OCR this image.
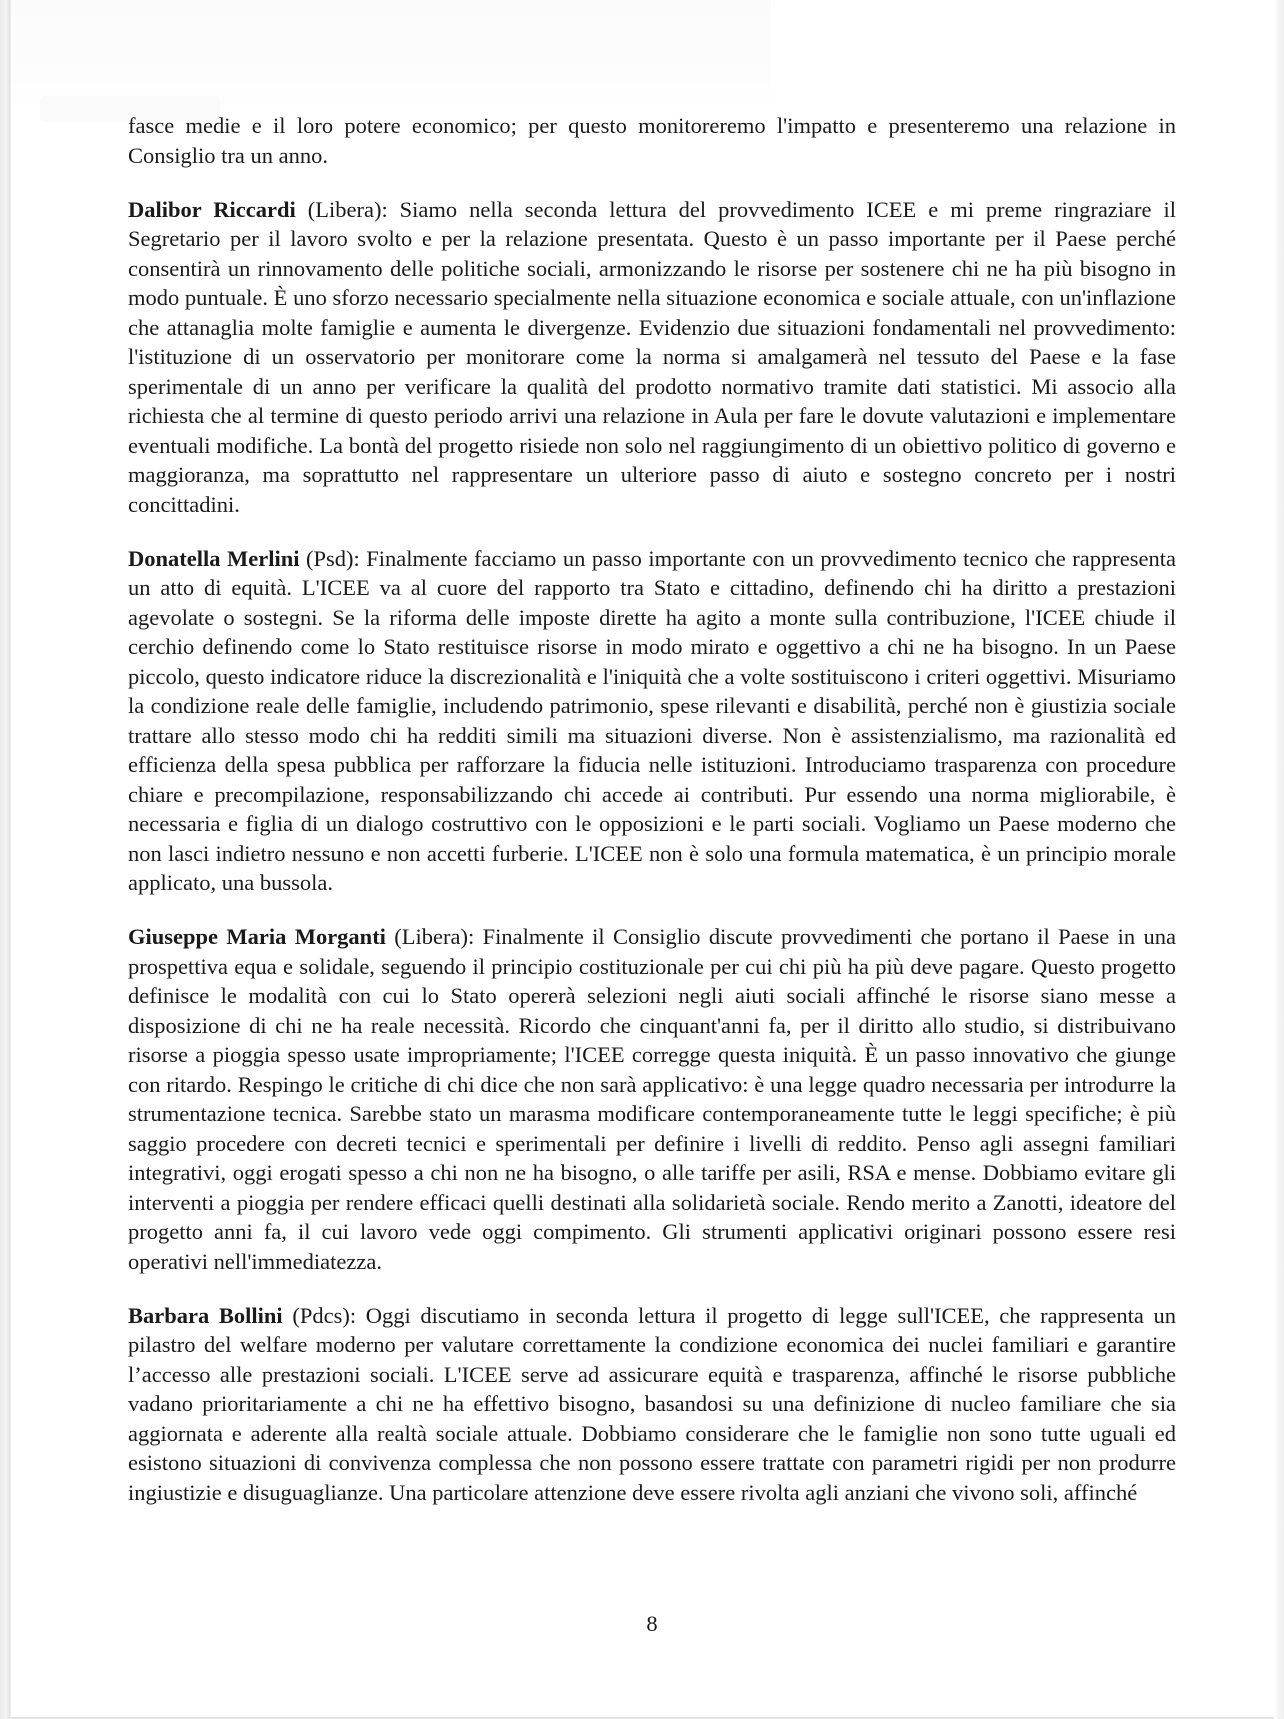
fasce medie e il loro potere economico; per questo monitoreremo l'impatto e presenteremo una relazione in Consiglio tra un anno.

Dalibor Riccardi (Libera): Siamo nella seconda lettura del provvedimento ICEE e mi preme ringraziare il Segretario per il lavoro svolto e per la relazione presentata. Questo è un passo importante per il Paese perché consentirà un rinnovamento delle politiche sociali, armonizzando le risorse per sostenere chi ne ha più bisogno in modo puntuale. È uno sforzo necessario specialmente nella situazione economica e sociale attuale, con un'inflazione che attanaglia molte famiglie e aumenta le divergenze. Evidenzio due situazioni fondamentali nel provvedimento: l'istituzione di un osservatorio per monitorare come la norma si amalgamerà nel tessuto del Paese e la fase sperimentale di un anno per verificare la qualità del prodotto normativo tramite dati statistici. Mi associo alla richiesta che al termine di questo periodo arrivi una relazione in Aula per fare le dovute valutazioni e implementare eventuali modifiche. La bontà del progetto risiede non solo nel raggiungimento di un obiettivo politico di governo e maggioranza, ma soprattutto nel rappresentare un ulteriore passo di aiuto e sostegno concreto per i nostri concittadini.

Donatella Merlini (Psd): Finalmente facciamo un passo importante con un provvedimento tecnico che rappresenta un atto di equità. L'ICEE va al cuore del rapporto tra Stato e cittadino, definendo chi ha diritto a prestazioni agevolate o sostegni. Se la riforma delle imposte dirette ha agito a monte sulla contribuzione, l'ICEE chiude il cerchio definendo come lo Stato restituisce risorse in modo mirato e oggettivo a chi ne ha bisogno. In un Paese piccolo, questo indicatore riduce la discrezionalità e l'iniquità che a volte sostituiscono i criteri oggettivi. Misuriamo la condizione reale delle famiglie, includendo patrimonio, spese rilevanti e disabilità, perché non è giustizia sociale trattare allo stesso modo chi ha redditi simili ma situazioni diverse. Non è assistenzialismo, ma razionalità ed efficienza della spesa pubblica per rafforzare la fiducia nelle istituzioni. Introduciamo trasparenza con procedure chiare e precompilazione, responsabilizzando chi accede ai contributi. Pur essendo una norma migliorabile, è necessaria e figlia di un dialogo costruttivo con le opposizioni e le parti sociali. Vogliamo un Paese moderno che non lasci indietro nessuno e non accetti furberie. L'ICEE non è solo una formula matematica, è un principio morale applicato, una bussola.

Giuseppe Maria Morganti (Libera): Finalmente il Consiglio discute provvedimenti che portano il Paese in una prospettiva equa e solidale, seguendo il principio costituzionale per cui chi più ha più deve pagare. Questo progetto definisce le modalità con cui lo Stato opererà selezioni negli aiuti sociali affinché le risorse siano messe a disposizione di chi ne ha reale necessità. Ricordo che cinquant'anni fa, per il diritto allo studio, si distribuivano risorse a pioggia spesso usate impropriamente; l'ICEE corregge questa iniquità. È un passo innovativo che giunge con ritardo. Respingo le critiche di chi dice che non sarà applicativo: è una legge quadro necessaria per introdurre la strumentazione tecnica. Sarebbe stato un marasma modificare contemporaneamente tutte le leggi specifiche; è più saggio procedere con decreti tecnici e sperimentali per definire i livelli di reddito. Penso agli assegni familiari integrativi, oggi erogati spesso a chi non ne ha bisogno, o alle tariffe per asili, RSA e mense. Dobbiamo evitare gli interventi a pioggia per rendere efficaci quelli destinati alla solidarietà sociale. Rendo merito a Zanotti, ideatore del progetto anni fa, il cui lavoro vede oggi compimento. Gli strumenti applicativi originari possono essere resi operativi nell'immediatezza.

Barbara Bollini (Pdcs): Oggi discutiamo in seconda lettura il progetto di legge sull'ICEE, che rappresenta un pilastro del welfare moderno per valutare correttamente la condizione economica dei nuclei familiari e garantire l’accesso alle prestazioni sociali. L'ICEE serve ad assicurare equità e trasparenza, affinché le risorse pubbliche vadano prioritariamente a chi ne ha effettivo bisogno, basandosi su una definizione di nucleo familiare che sia aggiornata e aderente alla realtà sociale attuale. Dobbiamo considerare che le famiglie non sono tutte uguali ed esistono situazioni di convivenza complessa che non possono essere trattate con parametri rigidi per non produrre ingiustizie e disuguaglianze. Una particolare attenzione deve essere rivolta agli anziani che vivono soli, affinché

8
